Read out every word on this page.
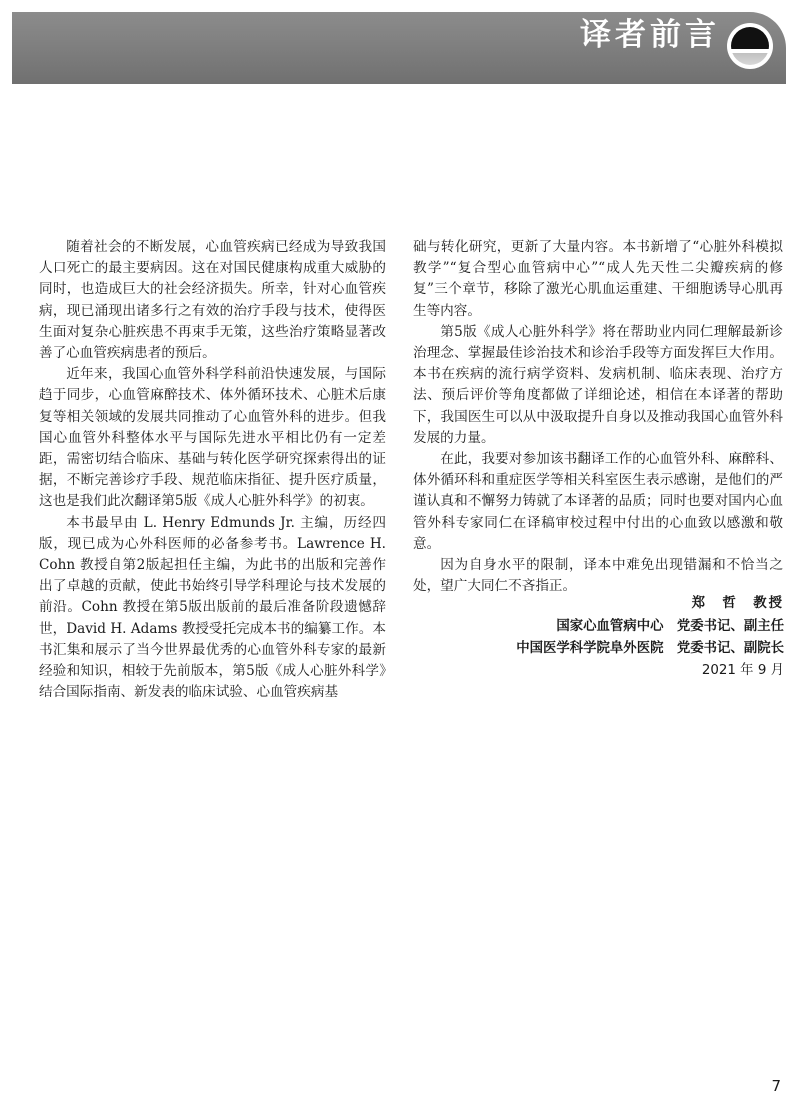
译者前言

随着社会的不断发展，心血管疾病已经成为导致我国人口死亡的最主要病因。这在对国民健康构成重大威胁的同时，也造成巨大的社会经济损失。所幸，针对心血管疾病，现已涌现出诸多行之有效的治疗手段与技术，使得医生面对复杂心脏疾患不再束手无策，这些治疗策略显著改善了心血管疾病患者的预后。

近年来，我国心血管外科学科前沿快速发展，与国际趋于同步，心血管麻醉技术、体外循环技术、心脏术后康复等相关领域的发展共同推动了心血管外科的进步。但我国心血管外科整体水平与国际先进水平相比仍有一定差距，需密切结合临床、基础与转化医学研究探索得出的证据，不断完善诊疗手段、规范临床指征、提升医疗质量，这也是我们此次翻译第5版《成人心脏外科学》的初衷。

本书最早由 L. Henry Edmunds Jr. 主编，历经四版，现已成为心外科医师的必备参考书。Lawrence H. Cohn 教授自第2版起担任主编，为此书的出版和完善作出了卓越的贡献，使此书始终引导学科理论与技术发展的前沿。Cohn 教授在第5版出版前的最后准备阶段遗憾辞世，David H. Adams 教授受托完成本书的编纂工作。本书汇集和展示了当今世界最优秀的心血管外科专家的最新经验和知识，相较于先前版本，第5版《成人心脏外科学》结合国际指南、新发表的临床试验、心血管疾病基

础与转化研究，更新了大量内容。本书新增了“心脏外科模拟教学”“复合型心血管病中心”“成人先天性二尖瓣疾病的修复”三个章节，移除了激光心肌血运重建、干细胞诱导心肌再生等内容。

第5版《成人心脏外科学》将在帮助业内同仁理解最新诊治理念、掌握最佳诊治技术和诊治手段等方面发挥巨大作用。本书在疾病的流行病学资料、发病机制、临床表现、治疗方法、预后评价等角度都做了详细论述，相信在本译著的帮助下，我国医生可以从中汲取提升自身以及推动我国心血管外科发展的力量。

在此，我要对参加该书翻译工作的心血管外科、麻醉科、体外循环科和重症医学等相关科室医生表示感谢，是他们的严谨认真和不懈努力铸就了本译著的品质；同时也要对国内心血管外科专家同仁在译稿审校过程中付出的心血致以感激和敬意。

因为自身水平的限制，译本中难免出现错漏和不恰当之处，望广大同仁不吝指正。

郑　哲　教授
国家心血管病中心　党委书记、副主任
中国医学科学院阜外医院　党委书记、副院长
2021 年 9 月
7
